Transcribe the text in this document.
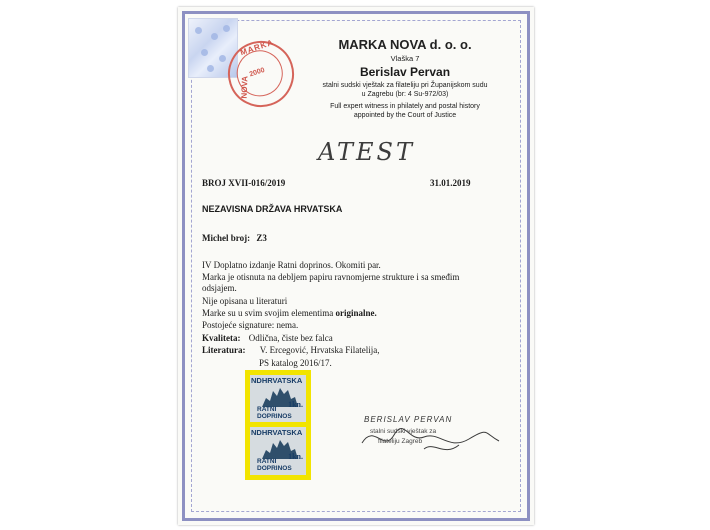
MARKA
NOVA
2000
MARKA NOVA d. o. o.
Vlaška 7
Berislav Pervan
stalni sudski vještak za filateliju pri Županijskom sudu
u Zagrebu (br: 4 Su-972/03)
Full expert witness in philately and postal history
appointed by the Court of Justice
ATEST
BROJ XVII-016/2019	31.01.2019
NEZAVISNA DRŽAVA HRVATSKA
Michel broj: Z3
IV Doplatno izdanje Ratni doprinos. Okomiti par.
Marka je otisnuta na debljem papiru ravnomjerne strukture i sa smeđim
odsjajem.
Nije opisana u literaturi
Marke su u svim svojim elementima originalne.
Postojeće signature: nema.
Kvaliteta: Odlična, čiste bez falca
Literatura: V. Ercegović, Hrvatska Filatelija,
PS katalog 2016/17.
NDHRVATSKA
1kn.
RATNI DOPRINOS
NDHRVATSKA
1kn.
RATNI DOPRINOS
BERISLAV PERVAN
stalni sudski vještak za
filateliju Zagreb
